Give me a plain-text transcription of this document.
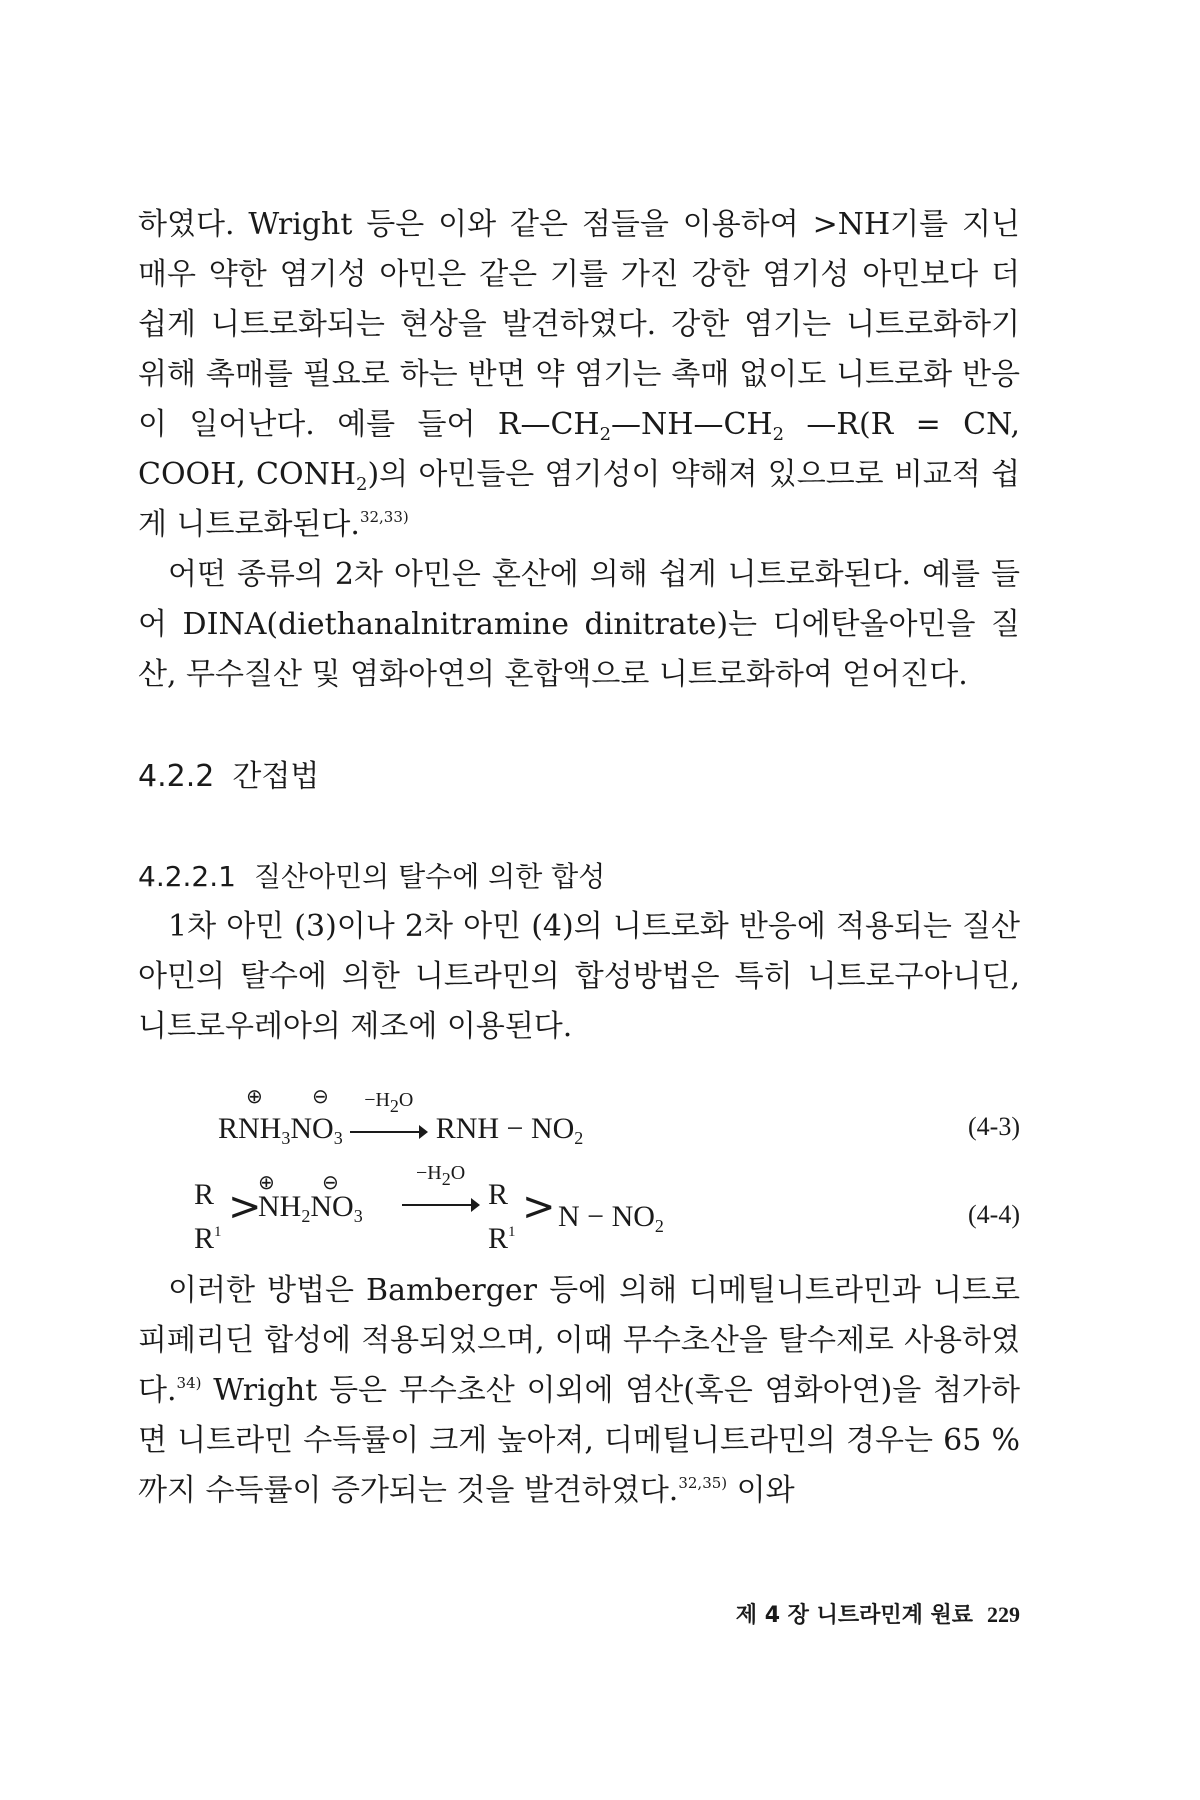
하였다. Wright 등은 이와 같은 점들을 이용하여 >NH기를 지닌 매우 약한 염기성 아민은 같은 기를 가진 강한 염기성 아민보다 더 쉽게 니트로화되는 현상을 발견하였다. 강한 염기는 니트로화하기 위해 촉매를 필요로 하는 반면 약 염기는 촉매 없이도 니트로화 반응이 일어난다. 예를 들어 $R—CH_2—NH—CH_2$ —R(R = CN, COOH, $CONH_2$)의 아민들은 염기성이 약해져 있으므로 비교적 쉽게 니트로화된다.$^{32,33)}$

어떤 종류의 2차 아민은 혼산에 의해 쉽게 니트로화된다. 예를 들어 DINA(diethanalnitramine dinitrate)는 디에탄올아민을 질산, 무수질산 및 염화아연의 혼합액으로 니트로화하여 얻어진다.

4.2.2 간접법
4.2.2.1 질산아민의 탈수에 의한 합성

1차 아민 (3)이나 2차 아민 (4)의 니트로화 반응에 적용되는 질산아민의 탈수에 의한 니트라민의 합성방법은 특히 니트로구아니딘, 니트로우레아의 제조에 이용된다.

⊕ ⊖
$RNH_3NO_3$
$-H_2O$
RNH − $NO_2$	(4-3)
R
$R^1$
>
⊕ ⊖
$NH_2NO_3$
$-H_2O$
R
$R^1$
> $N - NO_2$	(4-4)

이러한 방법은 Bamberger 등에 의해 디메틸니트라민과 니트로피페리딘 합성에 적용되었으며, 이때 무수초산을 탈수제로 사용하였다.$^{34)}$ Wright 등은 무수초산 이외에 염산(혹은 염화아연)을 첨가하면 니트라민 수득률이 크게 높아져, 디메틸니트라민의 경우는 65 %까지 수득률이 증가되는 것을 발견하였다.$^{32,35)}$ 이와

제 4 장 니트라민계 원료 229
